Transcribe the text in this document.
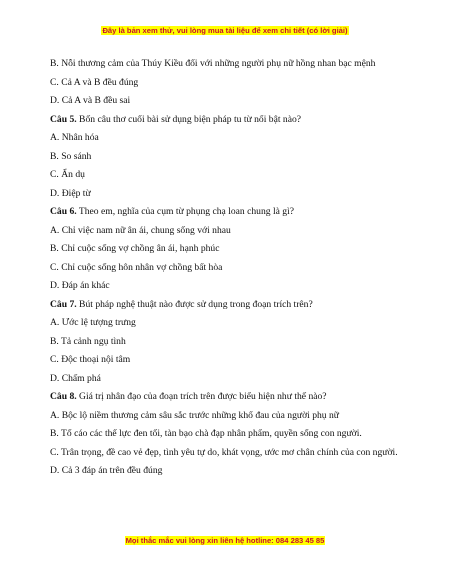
Đây là bản xem thử, vui lòng mua tài liệu để xem chi tiết (có lời giải)
B. Nỗi thương cảm của Thúy Kiều đối với những người phụ nữ hồng nhan bạc mệnh
C. Cả A và B đều đúng
D. Cả A và B đều sai
Câu 5. Bốn câu thơ cuối bài sử dụng biện pháp tu từ nổi bật nào?
A. Nhân hóa
B. So sánh
C. Ẩn dụ
D. Điệp từ
Câu 6. Theo em, nghĩa của cụm từ phụng chạ loan chung là gì?
A. Chỉ việc nam nữ ân ái, chung sống với nhau
B. Chỉ cuộc sống vợ chồng ân ái, hạnh phúc
C. Chỉ cuộc sống hôn nhân vợ chồng bất hòa
D. Đáp án khác
Câu 7. Bút pháp nghệ thuật nào được sử dụng trong đoạn trích trên?
A. Ước lệ tượng trưng
B. Tả cảnh ngụ tình
C. Độc thoại nội tâm
D. Chấm phá
Câu 8. Giá trị nhân đạo của đoạn trích trên được biểu hiện như thế nào?
A. Bộc lộ niềm thương cảm sâu sắc trước những khổ đau của người phụ nữ
B. Tố cáo các thế lực đen tối, tàn bạo chà đạp nhân phẩm, quyền sống con người.
C. Trân trọng, đề cao vẻ đẹp, tình yêu tự do, khát vọng, ước mơ chân chính của con người.
D. Cả 3 đáp án trên đều đúng
Mọi thắc mắc vui lòng xin liên hệ hotline: 084 283 45 85
